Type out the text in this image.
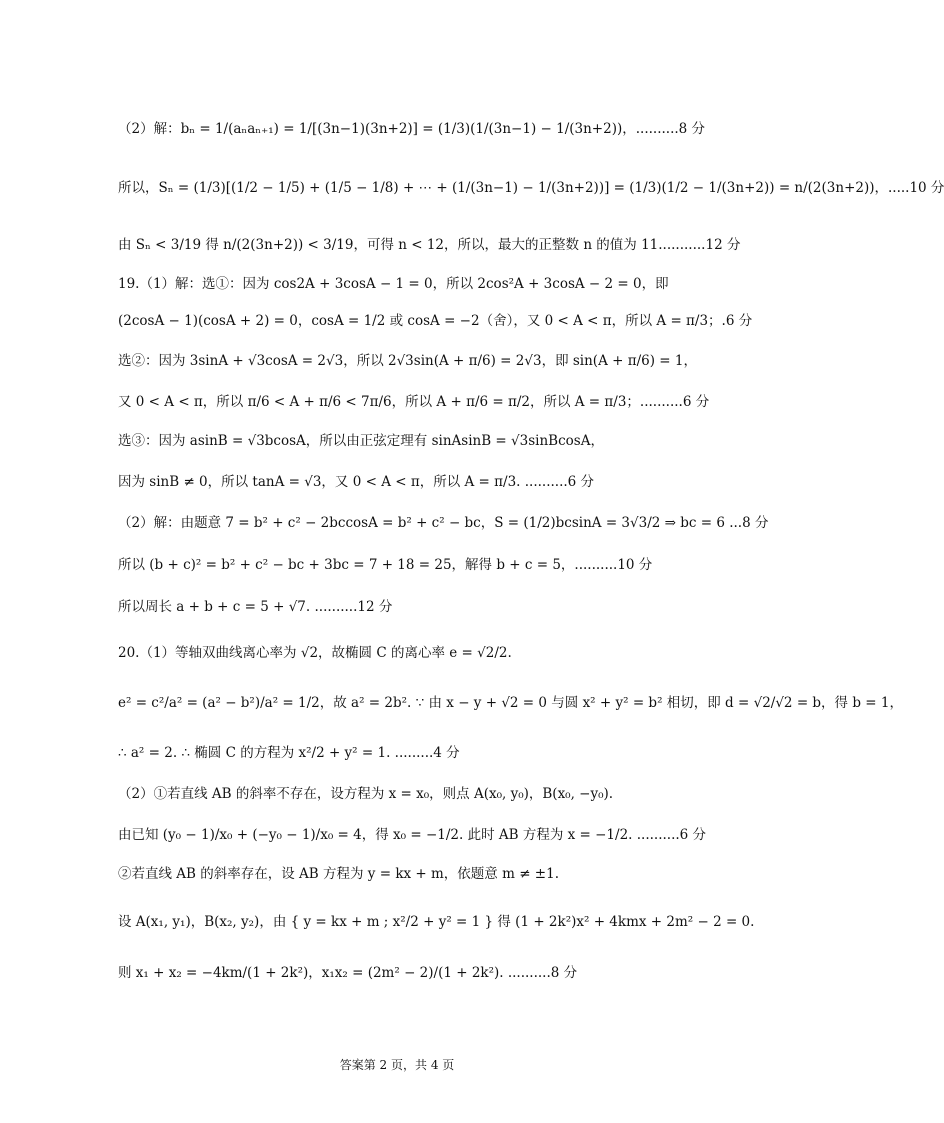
（2）解：bₙ = 1/(aₙaₙ₊₁) = 1/[(3n−1)(3n+2)] = (1/3)(1/(3n−1) − 1/(3n+2))，..........8 分
所以，Sₙ = (1/3)[(1/2 − 1/5) + (1/5 − 1/8) + ⋯ + (1/(3n−1) − 1/(3n+2))] = (1/3)(1/2 − 1/(3n+2)) = n/(2(3n+2))，.....10 分
由 Sₙ < 3/19 得 n/(2(3n+2)) < 3/19，可得 n < 12，所以，最大的正整数 n 的值为 11...........12 分
19.（1）解：选①：因为 cos2A + 3cosA − 1 = 0，所以 2cos²A + 3cosA − 2 = 0，即
(2cosA − 1)(cosA + 2) = 0，cosA = 1/2 或 cosA = −2（舍），又 0 < A < π，所以 A = π/3；.6 分
选②：因为 3sinA + √3cosA = 2√3，所以 2√3sin(A + π/6) = 2√3，即 sin(A + π/6) = 1，
又 0 < A < π，所以 π/6 < A + π/6 < 7π/6，所以 A + π/6 = π/2，所以 A = π/3；..........6 分
选③：因为 asinB = √3bcosA，所以由正弦定理有 sinAsinB = √3sinBcosA，
因为 sinB ≠ 0，所以 tanA = √3，又 0 < A < π，所以 A = π/3. ..........6 分
（2）解：由题意 7 = b² + c² − 2bccosA = b² + c² − bc，S = (1/2)bcsinA = 3√3/2 ⇒ bc = 6 ...8 分
所以 (b + c)² = b² + c² − bc + 3bc = 7 + 18 = 25，解得 b + c = 5，..........10 分
所以周长 a + b + c = 5 + √7. ..........12 分
20.（1）等轴双曲线离心率为 √2，故椭圆 C 的离心率 e = √2/2.
e² = c²/a² = (a² − b²)/a² = 1/2，故 a² = 2b². ∵ 由 x − y + √2 = 0 与圆 x² + y² = b² 相切，即 d = √2/√2 = b，得 b = 1，
∴ a² = 2. ∴ 椭圆 C 的方程为 x²/2 + y² = 1. .........4 分
（2）①若直线 AB 的斜率不存在，设方程为 x = x₀，则点 A(x₀, y₀)，B(x₀, −y₀).
由已知 (y₀ − 1)/x₀ + (−y₀ − 1)/x₀ = 4，得 x₀ = −1/2. 此时 AB 方程为 x = −1/2. ..........6 分
②若直线 AB 的斜率存在，设 AB 方程为 y = kx + m，依题意 m ≠ ±1.
设 A(x₁, y₁)，B(x₂, y₂)，由 { y = kx + m ; x²/2 + y² = 1 } 得 (1 + 2k²)x² + 4kmx + 2m² − 2 = 0.
则 x₁ + x₂ = −4km/(1 + 2k²)，x₁x₂ = (2m² − 2)/(1 + 2k²). ..........8 分
答案第 2 页，共 4 页
